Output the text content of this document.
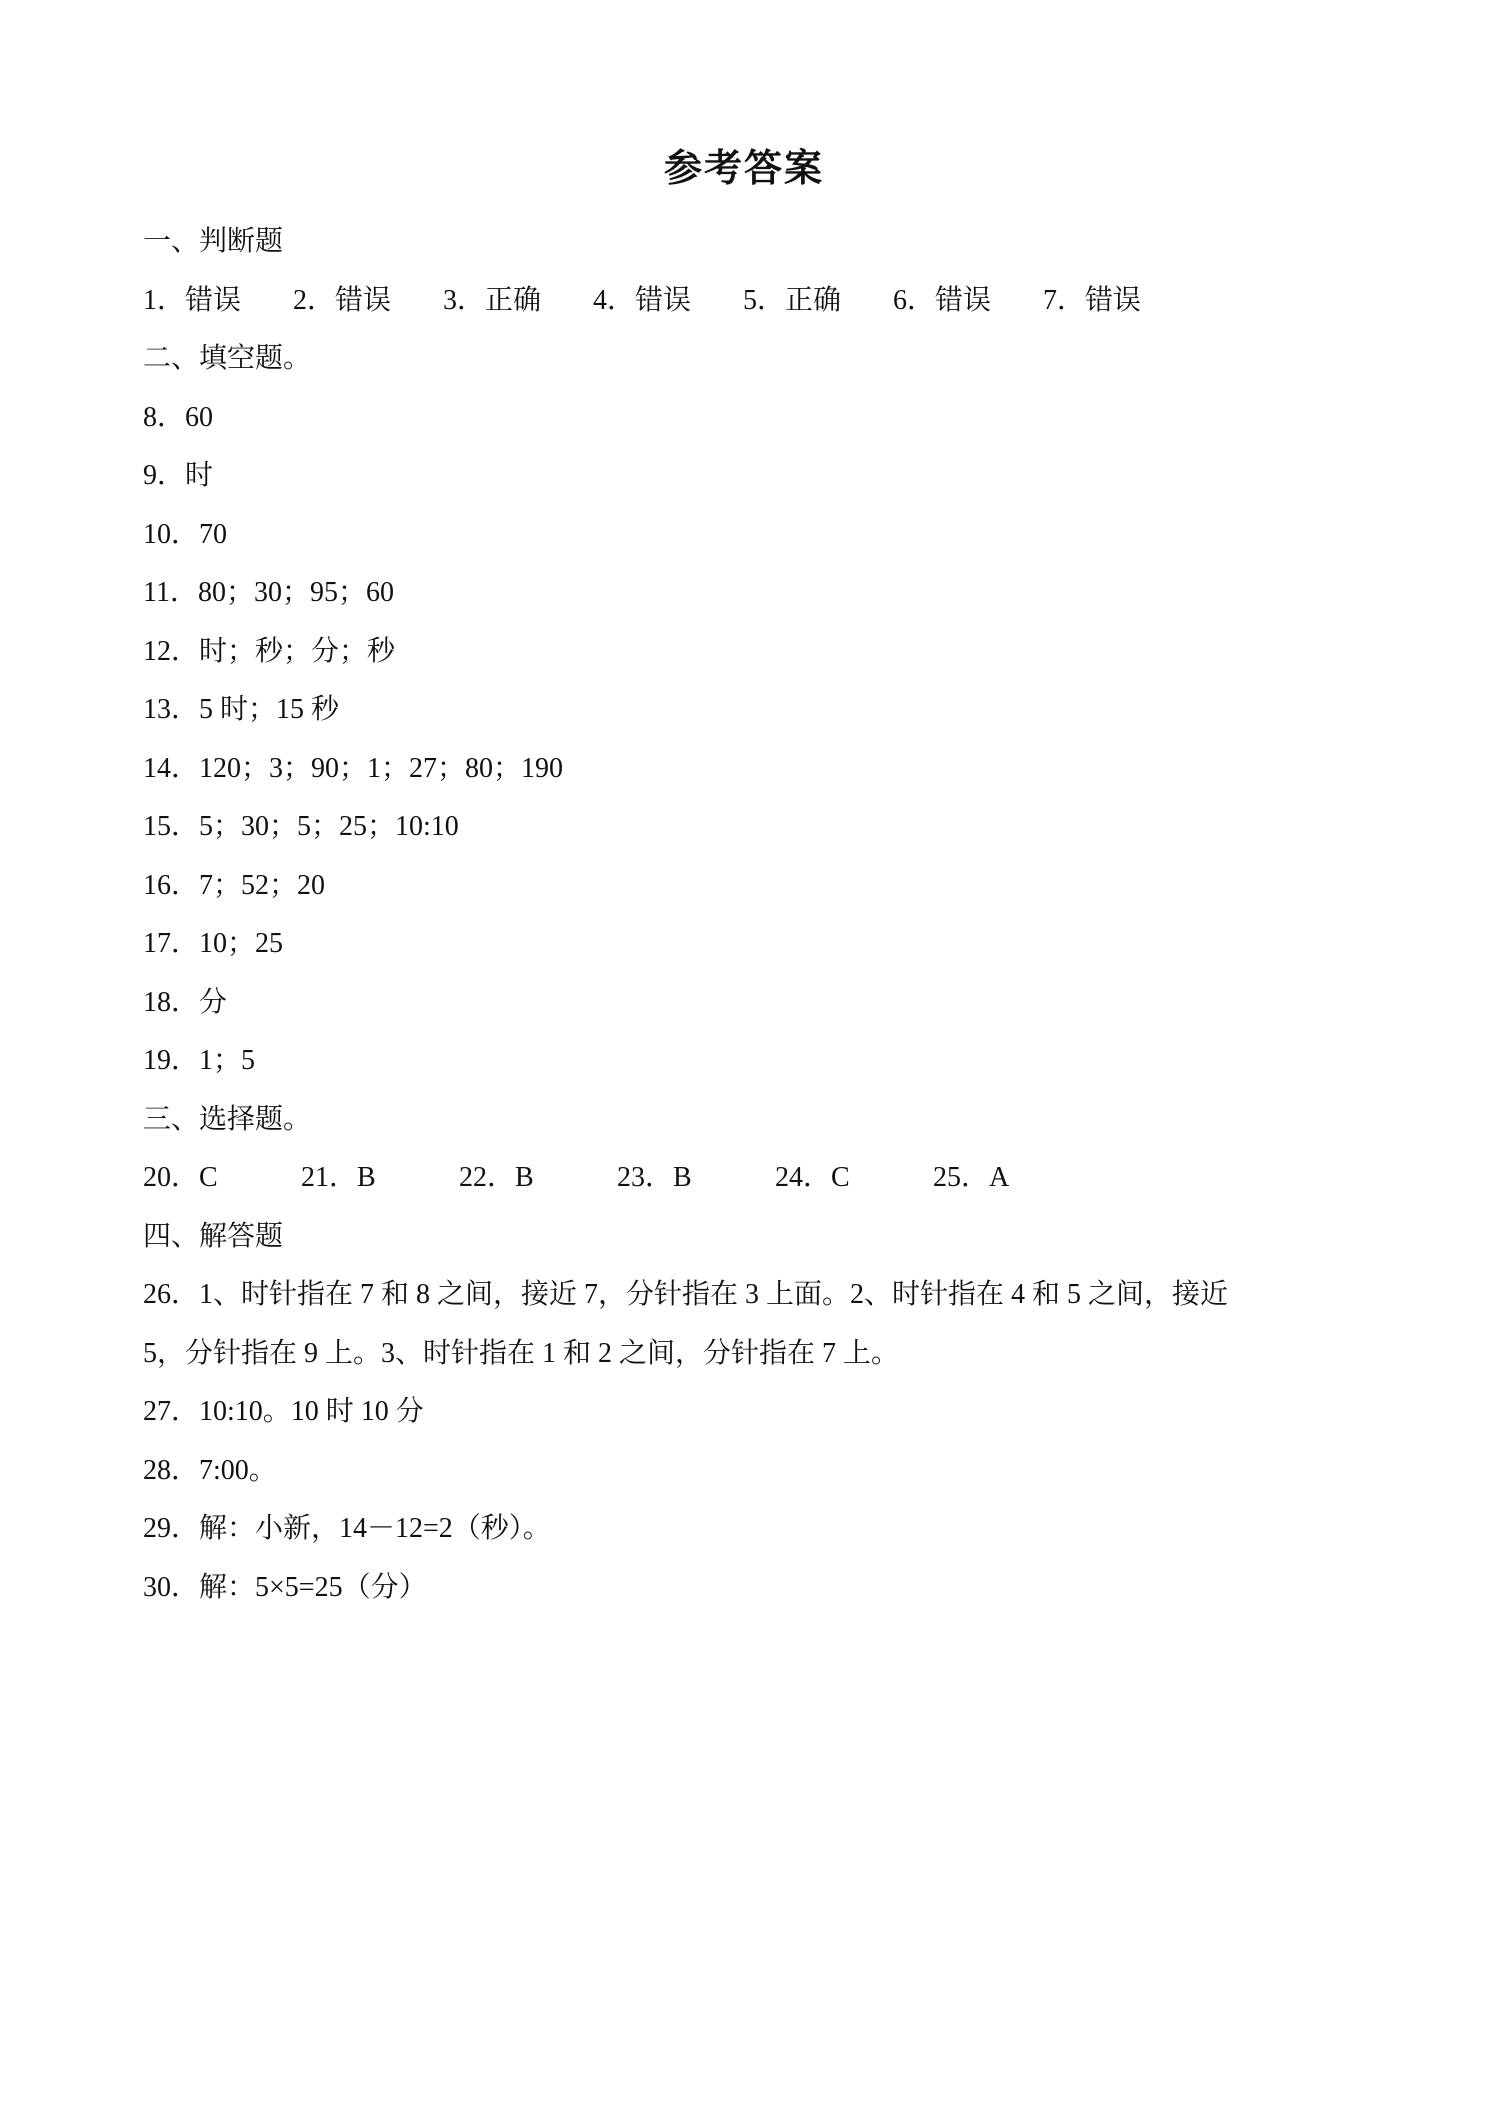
参考答案
一、判断题
1．错误	2．错误	3．正确	4．错误	5．正确	6．错误	7．错误
二、填空题。
8．60
9．时
10．70
11．80；30；95；60
12．时；秒；分；秒
13．5 时；15 秒
14．120；3；90；1；27；80；190
15．5；30；5；25；10:10
16．7；52；20
17．10；25
18．分
19．1；5
三、选择题。
20．C	21．B	22．B	23．B	24．C	25．A
四、解答题
26．1、时针指在 7 和 8 之间，接近 7，分针指在 3 上面。2、时针指在 4 和 5 之间，接近
5，分针指在 9 上。3、时针指在 1 和 2 之间，分针指在 7 上。
27．10:10。10 时 10 分
28．7:00。
29．解：小新，14－12=2（秒）。
30．解：5×5=25（分）
